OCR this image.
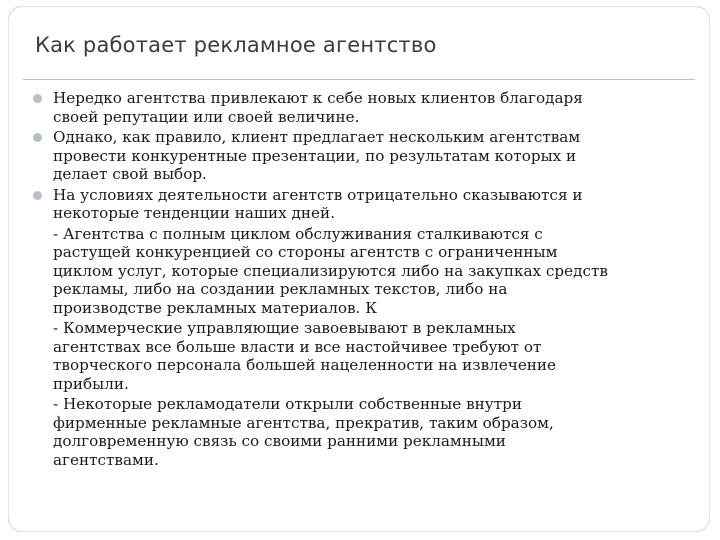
Как работает рекламное агентство
Нередко агентства привлекают к себе новых клиентов благодаря
своей репутации или своей величине.
Однако, как правило, клиент предлагает нескольким агентствам
провести конкурентные презентации, по результатам которых и
делает свой выбор.
На условиях деятельности агентств отрицательно сказываются и
некоторые тенденции наших дней.
- Агентства с полным циклом обслуживания сталкиваются с
растущей конкуренцией со стороны агентств с ограниченным
циклом услуг, которые специализируются либо на закупках средств
рекламы, либо на создании рекламных текстов, либо на
производстве рекламных материалов. К
- Коммерческие управляющие завоевывают в рекламных
агентствах все больше власти и все настойчивее требуют от
творческого персонала большей нацеленности на извлечение
прибыли.
- Некоторые рекламодатели открыли собственные внутри
фирменные рекламные агентства, прекратив, таким образом,
долговременную связь со своими ранними рекламными
агентствами.
